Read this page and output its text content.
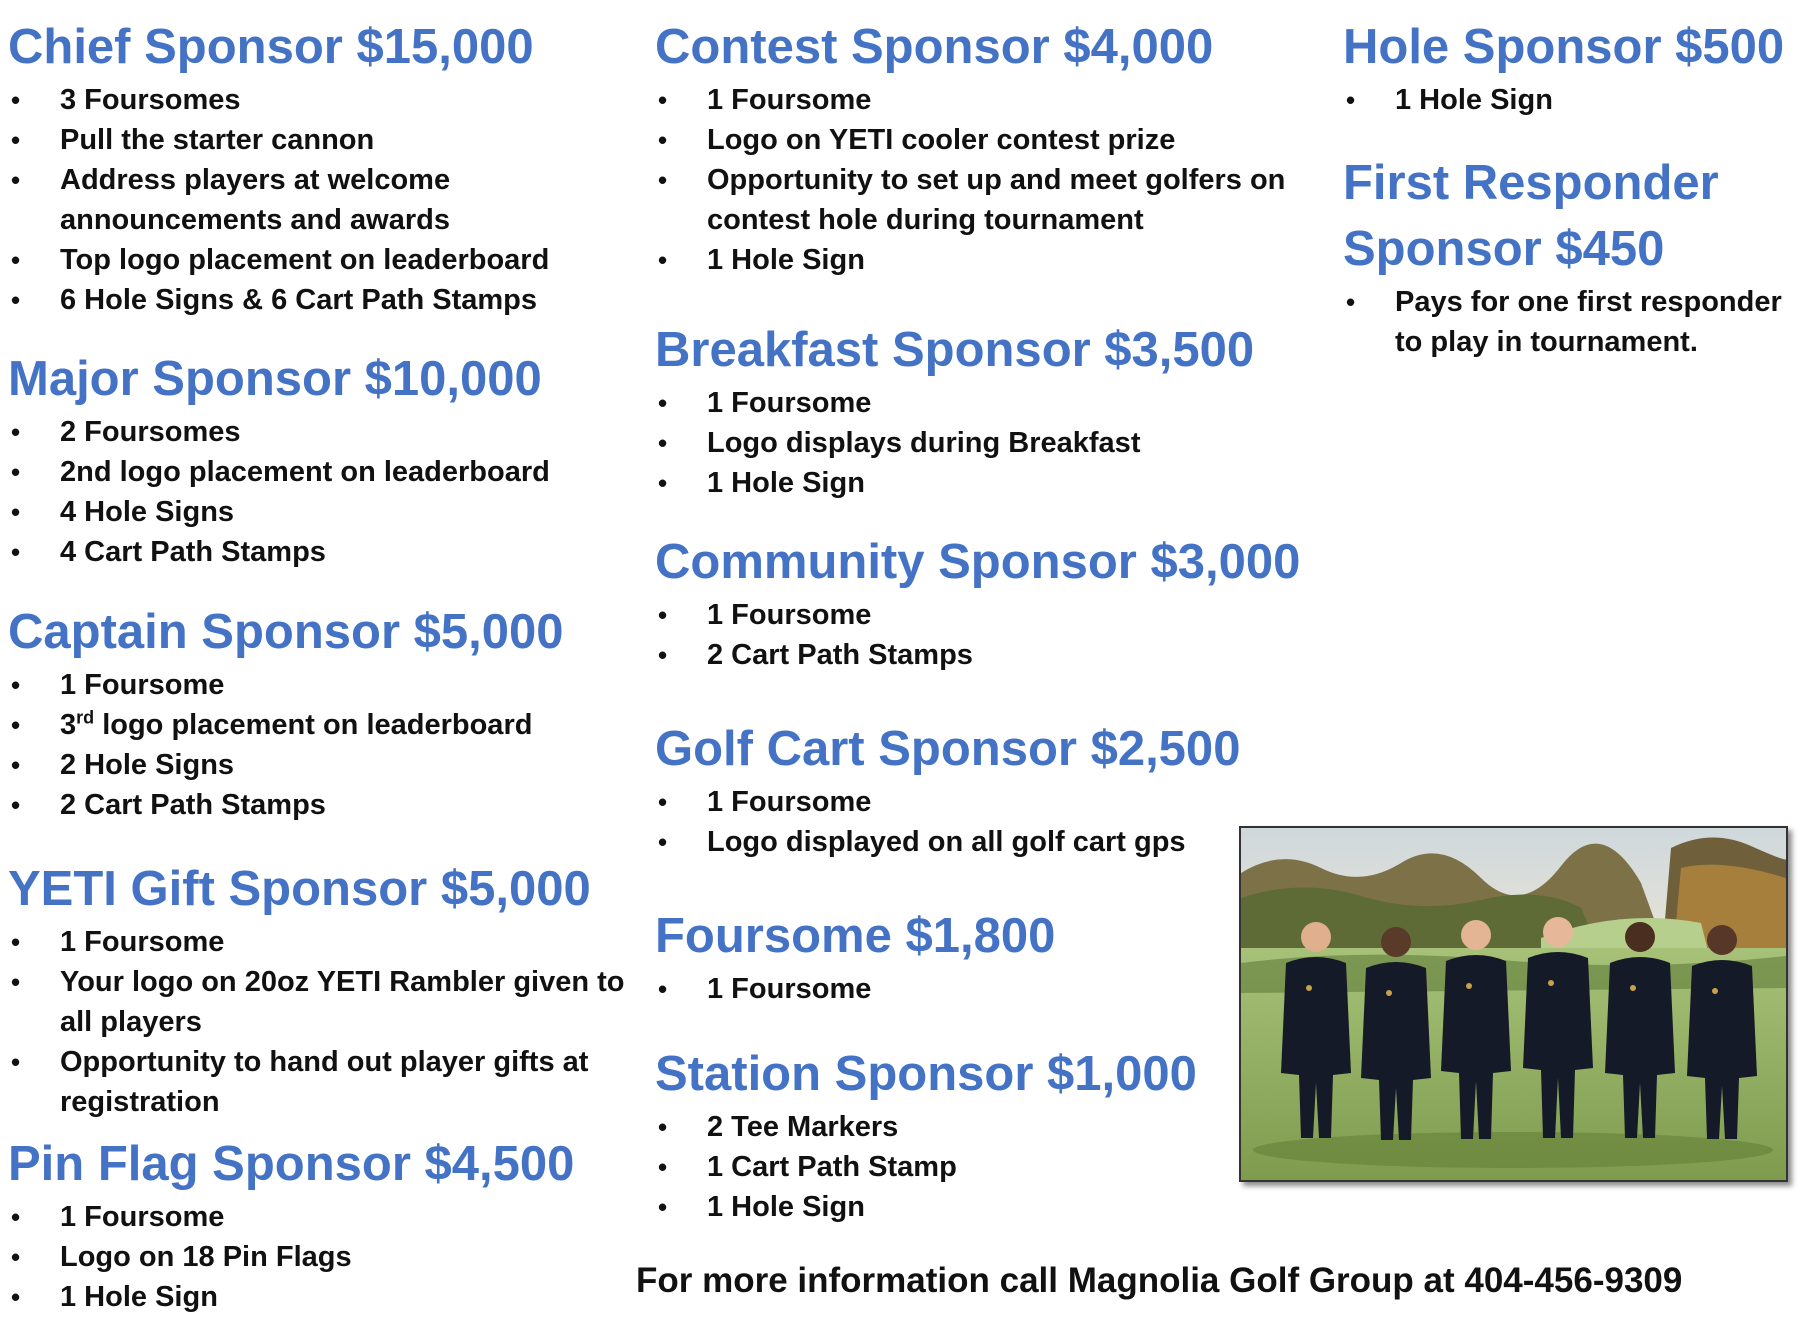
Chief Sponsor $15,000
• 3 Foursomes
• Pull the starter cannon
• Address players at welcome announcements and awards
• Top logo placement on leaderboard
• 6 Hole Signs & 6 Cart Path Stamps
Major Sponsor $10,000
• 2 Foursomes
• 2nd logo placement on leaderboard
• 4 Hole Signs
• 4 Cart Path Stamps
Captain Sponsor $5,000
• 1 Foursome
• 3rd logo placement on leaderboard
• 2 Hole Signs
• 2 Cart Path Stamps
YETI Gift Sponsor $5,000
• 1 Foursome
• Your logo on 20oz YETI Rambler given to all players
• Opportunity to hand out player gifts at registration
Pin Flag Sponsor $4,500
• 1 Foursome
• Logo on 18 Pin Flags
• 1 Hole Sign
Contest Sponsor $4,000
• 1 Foursome
• Logo on YETI cooler contest prize
• Opportunity to set up and meet golfers on contest hole during tournament
• 1 Hole Sign
Breakfast Sponsor $3,500
• 1 Foursome
• Logo displays during Breakfast
• 1 Hole Sign
Community Sponsor $3,000
• 1 Foursome
• 2 Cart Path Stamps
Golf Cart Sponsor $2,500
• 1 Foursome
• Logo displayed on all golf cart gps
Foursome $1,800
• 1 Foursome
Station Sponsor $1,000
• 2 Tee Markers
• 1 Cart Path Stamp
• 1 Hole Sign
Hole Sponsor $500
• 1 Hole Sign
First Responder
Sponsor $450
• Pays for one first responder to play in tournament.
For more information call Magnolia Golf Group at 404-456-9309
